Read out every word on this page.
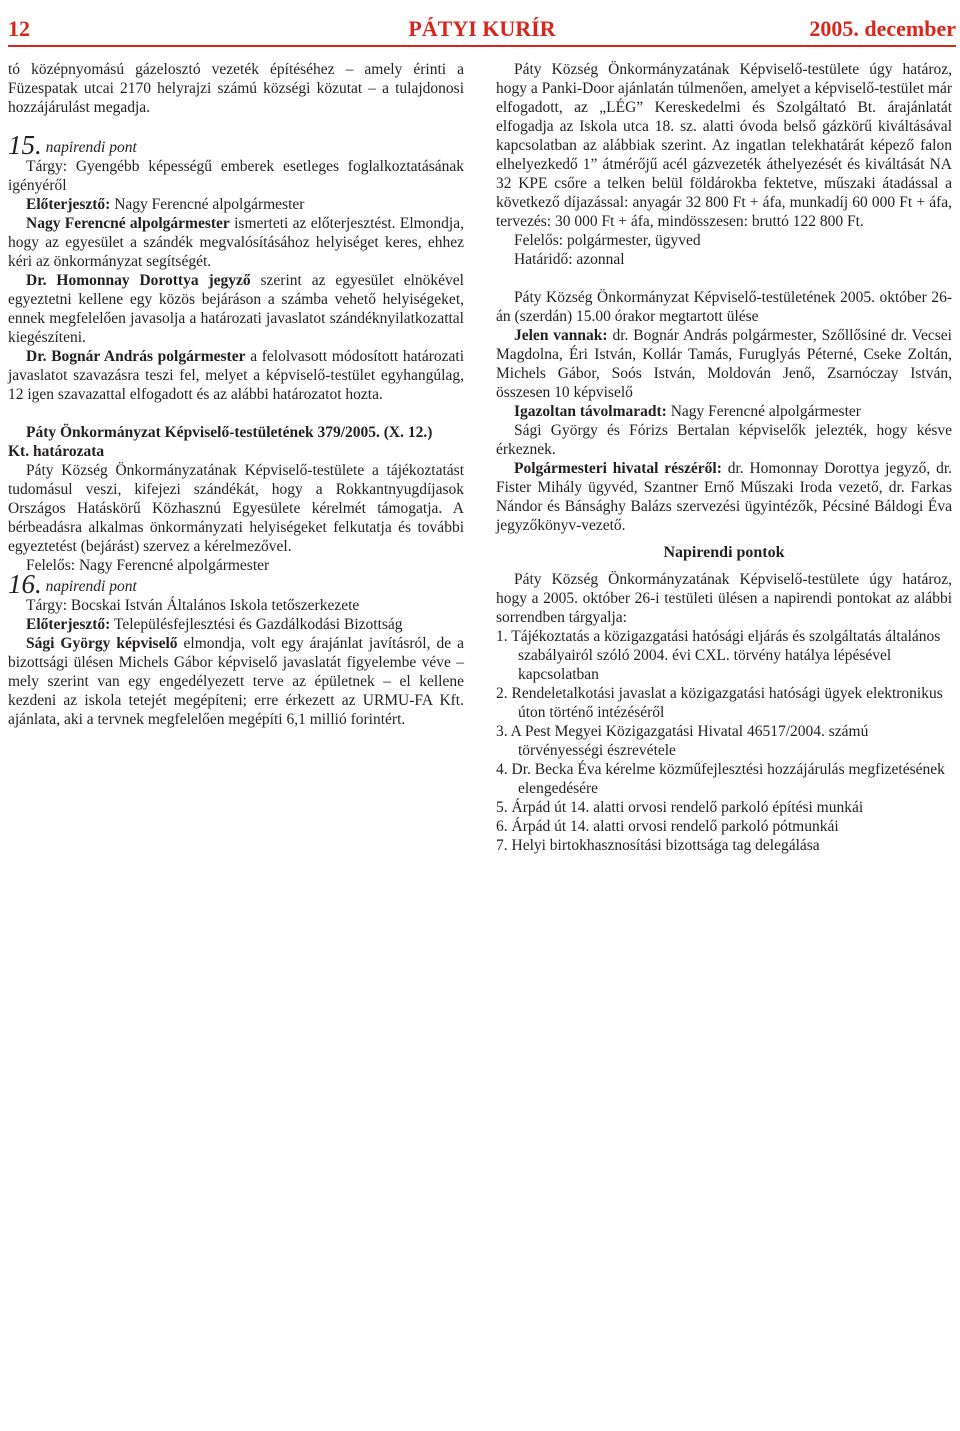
12	PÁTYI KURÍR	2005. december

tó középnyomású gázelosztó vezeték építéséhez – amely érinti a Füzespatak utcai 2170 helyrajzi számú községi közutat – a tulajdonosi hozzájárulást megadja.

15. napirendi pont

Tárgy: Gyengébb képességű emberek esetleges foglalkoztatásának igényéről

Előterjesztő: Nagy Ferencné alpolgármester

Nagy Ferencné alpolgármester ismerteti az előterjesztést. Elmondja, hogy az egyesület a szándék megvalósításához helyiséget keres, ehhez kéri az önkormányzat segítségét.

Dr. Homonnay Dorottya jegyző szerint az egyesület elnökével egyeztetni kellene egy közös bejáráson a számba vehető helyiségeket, ennek megfelelően javasolja a határozati javaslatot szándéknyilatkozattal kiegészíteni.

Dr. Bognár András polgármester a felolvasott módosított határozati javaslatot szavazásra teszi fel, melyet a képviselő-testület egyhangúlag, 12 igen szavazattal elfogadott és az alábbi határozatot hozta.

Páty Önkormányzat Képviselő-testületének 379/2005. (X. 12.)

Kt. határozata

Páty Község Önkormányzatának Képviselő-testülete a tájékoztatást tudomásul veszi, kifejezi szándékát, hogy a Rokkantnyugdíjasok Országos Hatáskörű Közhasznú Egyesülete kérelmét támogatja. A bérbeadásra alkalmas önkormányzati helyiségeket felkutatja és további egyeztetést (bejárást) szervez a kérelmezővel.

Felelős: Nagy Ferencné alpolgármester

16. napirendi pont

Tárgy: Bocskai István Általános Iskola tetőszerkezete

Előterjesztő: Településfejlesztési és Gazdálkodási Bizottság

Sági György képviselő elmondja, volt egy árajánlat javításról, de a bizottsági ülésen Michels Gábor képviselő javaslatát figyelembe véve – mely szerint van egy engedélyezett terve az épületnek – el kellene kezdeni az iskola tetejét megépíteni; erre érkezett az URMU-FA Kft. ajánlata, aki a tervnek megfelelően megépíti 6,1 millió forintért.

Páty Község Önkormányzatának Képviselő-testülete úgy határoz, hogy a Panki-Door ajánlatán túlmenően, amelyet a képviselő-testület már elfogadott, az „LÉG” Kereskedelmi és Szolgáltató Bt. árajánlatát elfogadja az Iskola utca 18. sz. alatti óvoda belső gázkörű kiváltásával kapcsolatban az alábbiak szerint. Az ingatlan telekhatárát képező falon elhelyezkedő 1” átmérőjű acél gázvezeték áthelyezését és kiváltását NA 32 KPE csőre a telken belül földárokba fektetve, műszaki átadással a következő díjazással: anyagár 32 800 Ft + áfa, munkadíj 60 000 Ft + áfa, tervezés: 30 000 Ft + áfa, mindösszesen: bruttó 122 800 Ft.

Felelős: polgármester, ügyved

Határidő: azonnal

Páty Község Önkormányzat Képviselő-testületének 2005. október 26-án (szerdán) 15.00 órakor megtartott ülése

Jelen vannak: dr. Bognár András polgármester, Szőllősiné dr. Vecsei Magdolna, Éri István, Kollár Tamás, Furuglyás Péterné, Cseke Zoltán, Michels Gábor, Soós István, Moldován Jenő, Zsarnóczay István, összesen 10 képviselő

Igazoltan távolmaradt: Nagy Ferencné alpolgármester

Sági György és Fórizs Bertalan képviselők jelezték, hogy késve érkeznek.

Polgármesteri hivatal részéről: dr. Homonnay Dorottya jegyző, dr. Fister Mihály ügyvéd, Szantner Ernő Műszaki Iroda vezető, dr. Farkas Nándor és Bánsághy Balázs szervezési ügyintézők, Pécsiné Báldogi Éva jegyzőkönyv-vezető.

Napirendi pontok

Páty Község Önkormányzatának Képviselő-testülete úgy határoz, hogy a 2005. október 26-i testületi ülésen a napirendi pontokat az alábbi sorrendben tárgyalja:

1. Tájékoztatás a közigazgatási hatósági eljárás és szolgáltatás általános szabályairól szóló 2004. évi CXL. törvény hatálya lépésével kapcsolatban
2. Rendeletalkotási javaslat a közigazgatási hatósági ügyek elektronikus úton történő intézéséről
3. A Pest Megyei Közigazgatási Hivatal 46517/2004. számú törvényességi észrevétele
4. Dr. Becka Éva kérelme közműfejlesztési hozzájárulás megfizetésének elengedésére
5. Árpád út 14. alatti orvosi rendelő parkoló építési munkái
6. Árpád út 14. alatti orvosi rendelő parkoló pótmunkái
7. Helyi birtokhasznosítási bizottsága tag delegálása
